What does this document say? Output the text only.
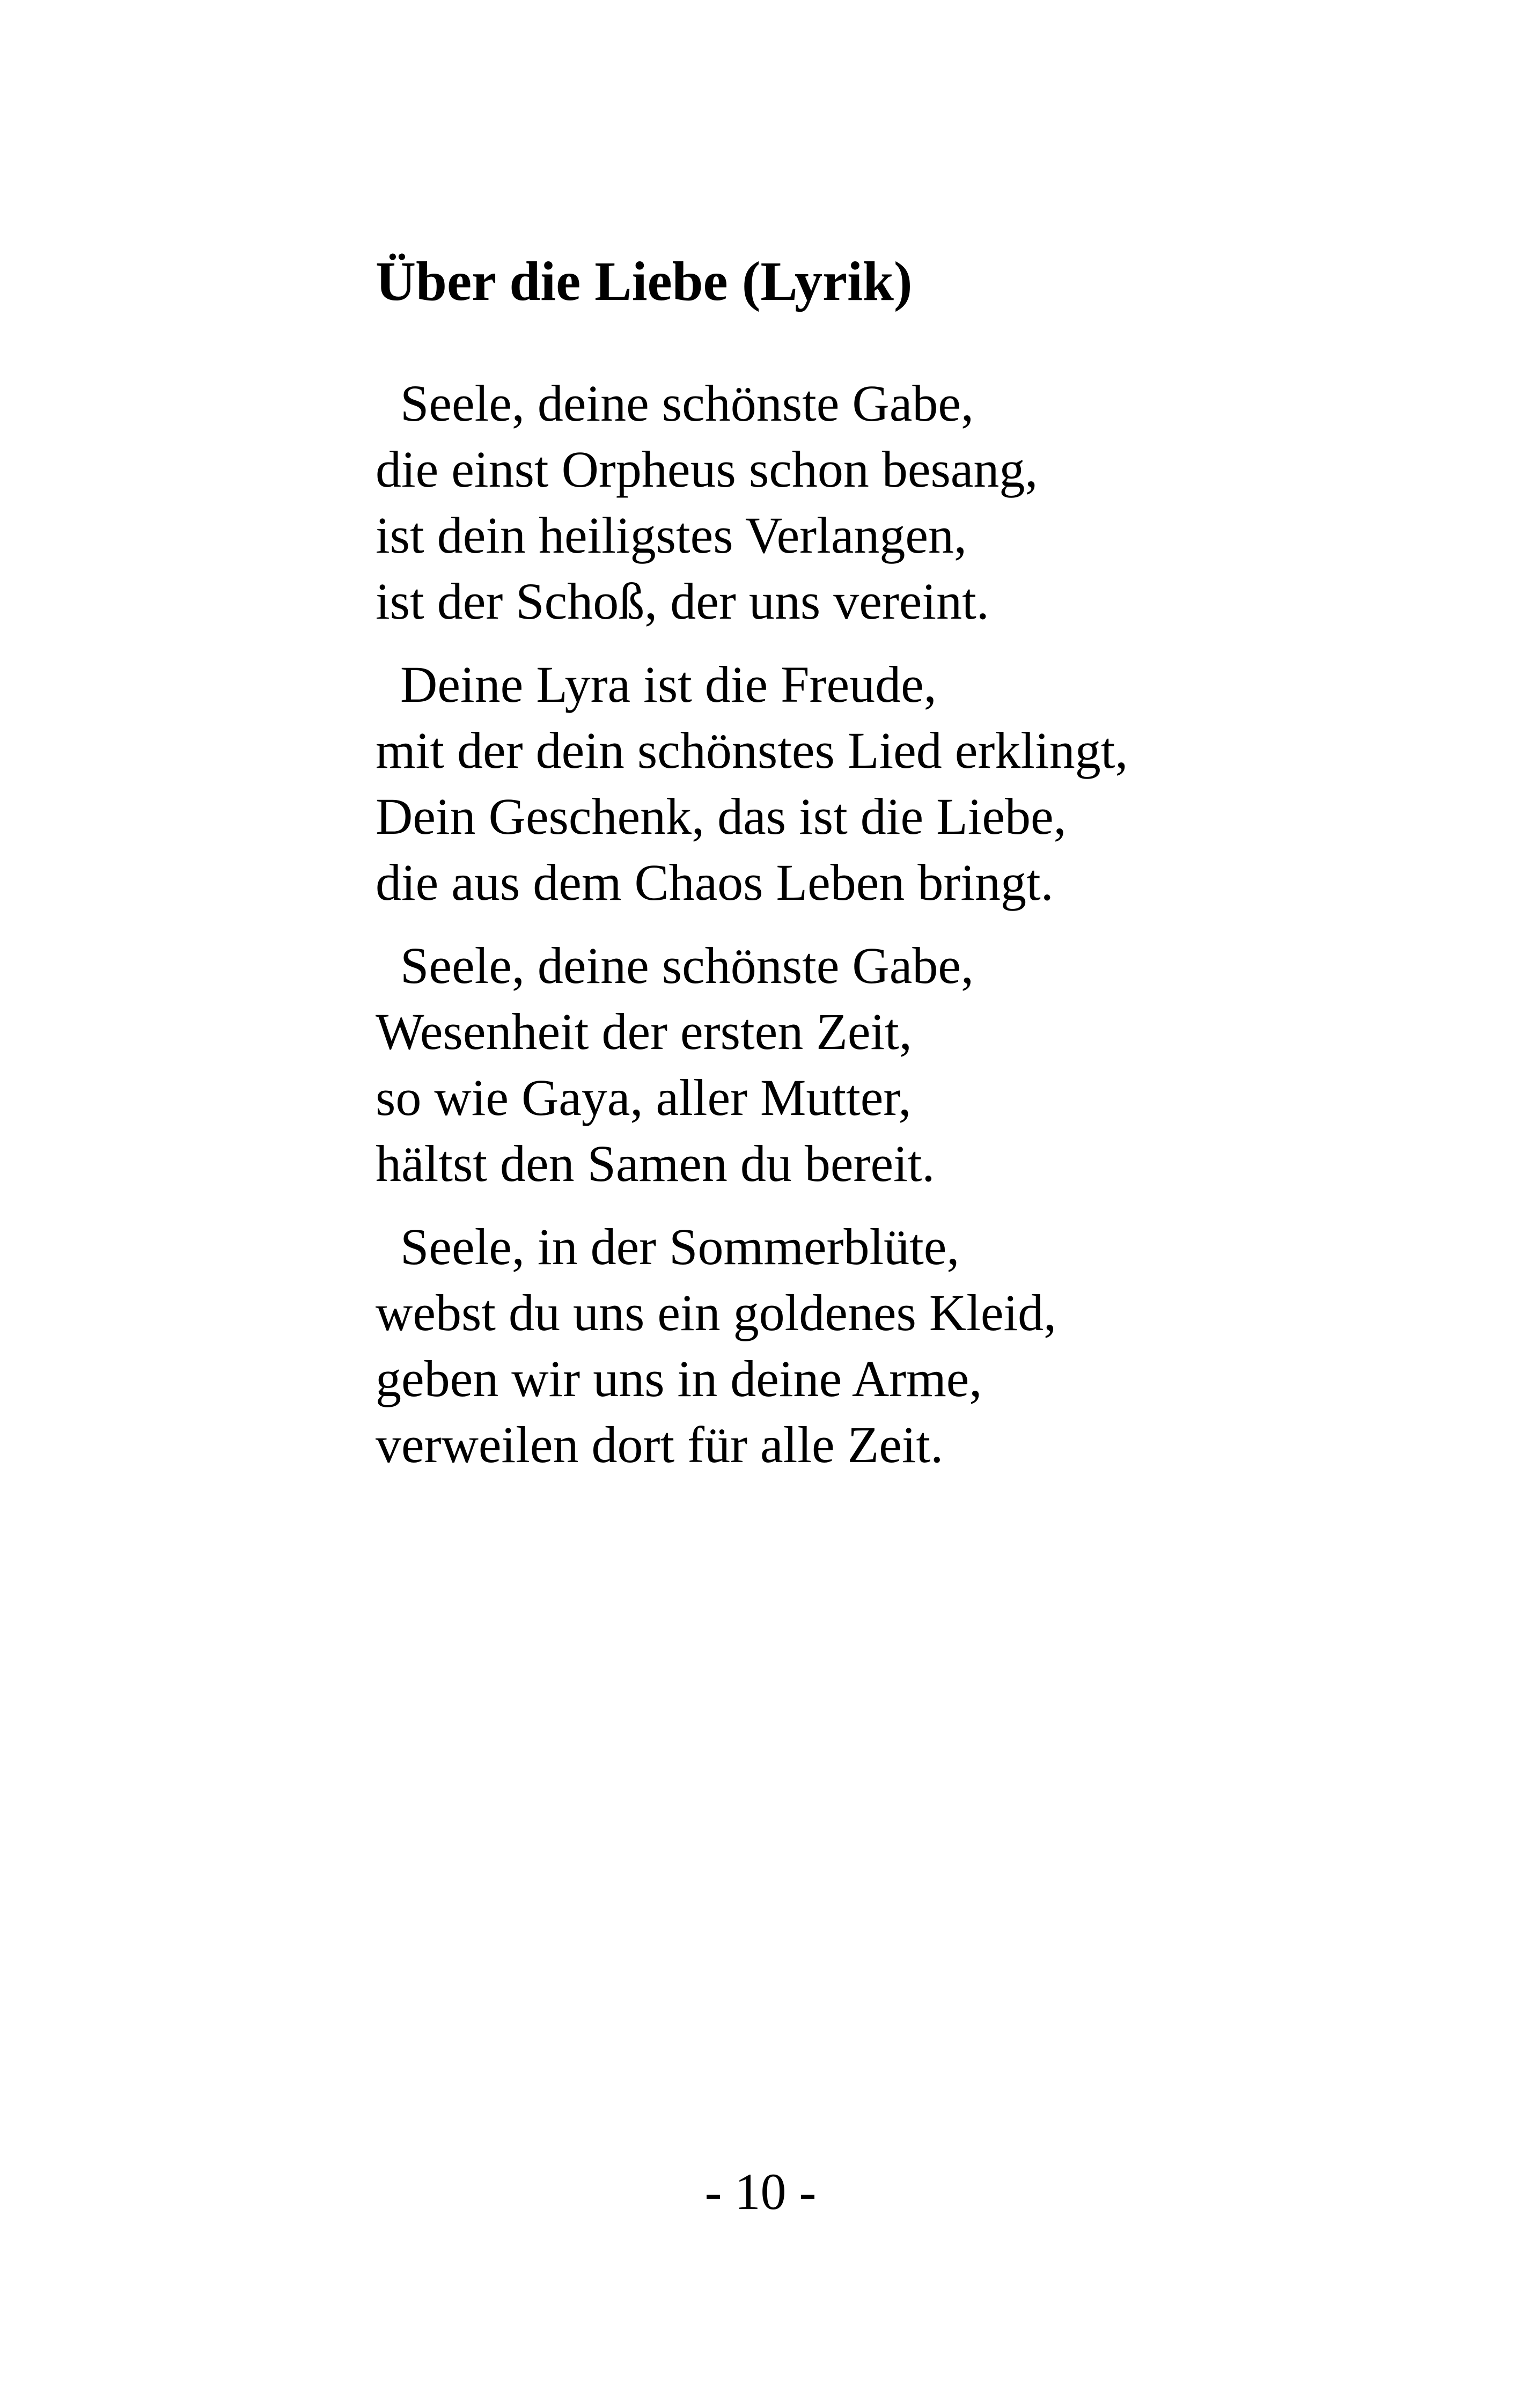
Über die Liebe (Lyrik)
Seele, deine schönste Gabe,
die einst Orpheus schon besang,
ist dein heiligstes Verlangen,
ist der Schoß, der uns vereint.
Deine Lyra ist die Freude,
mit der dein schönstes Lied erklingt,
Dein Geschenk, das ist die Liebe,
die aus dem Chaos Leben bringt.
Seele, deine schönste Gabe,
Wesenheit der ersten Zeit,
so wie Gaya, aller Mutter,
hältst den Samen du bereit.
Seele, in der Sommerblüte,
webst du uns ein goldenes Kleid,
geben wir uns in deine Arme,
verweilen dort für alle Zeit.
- 10 -
